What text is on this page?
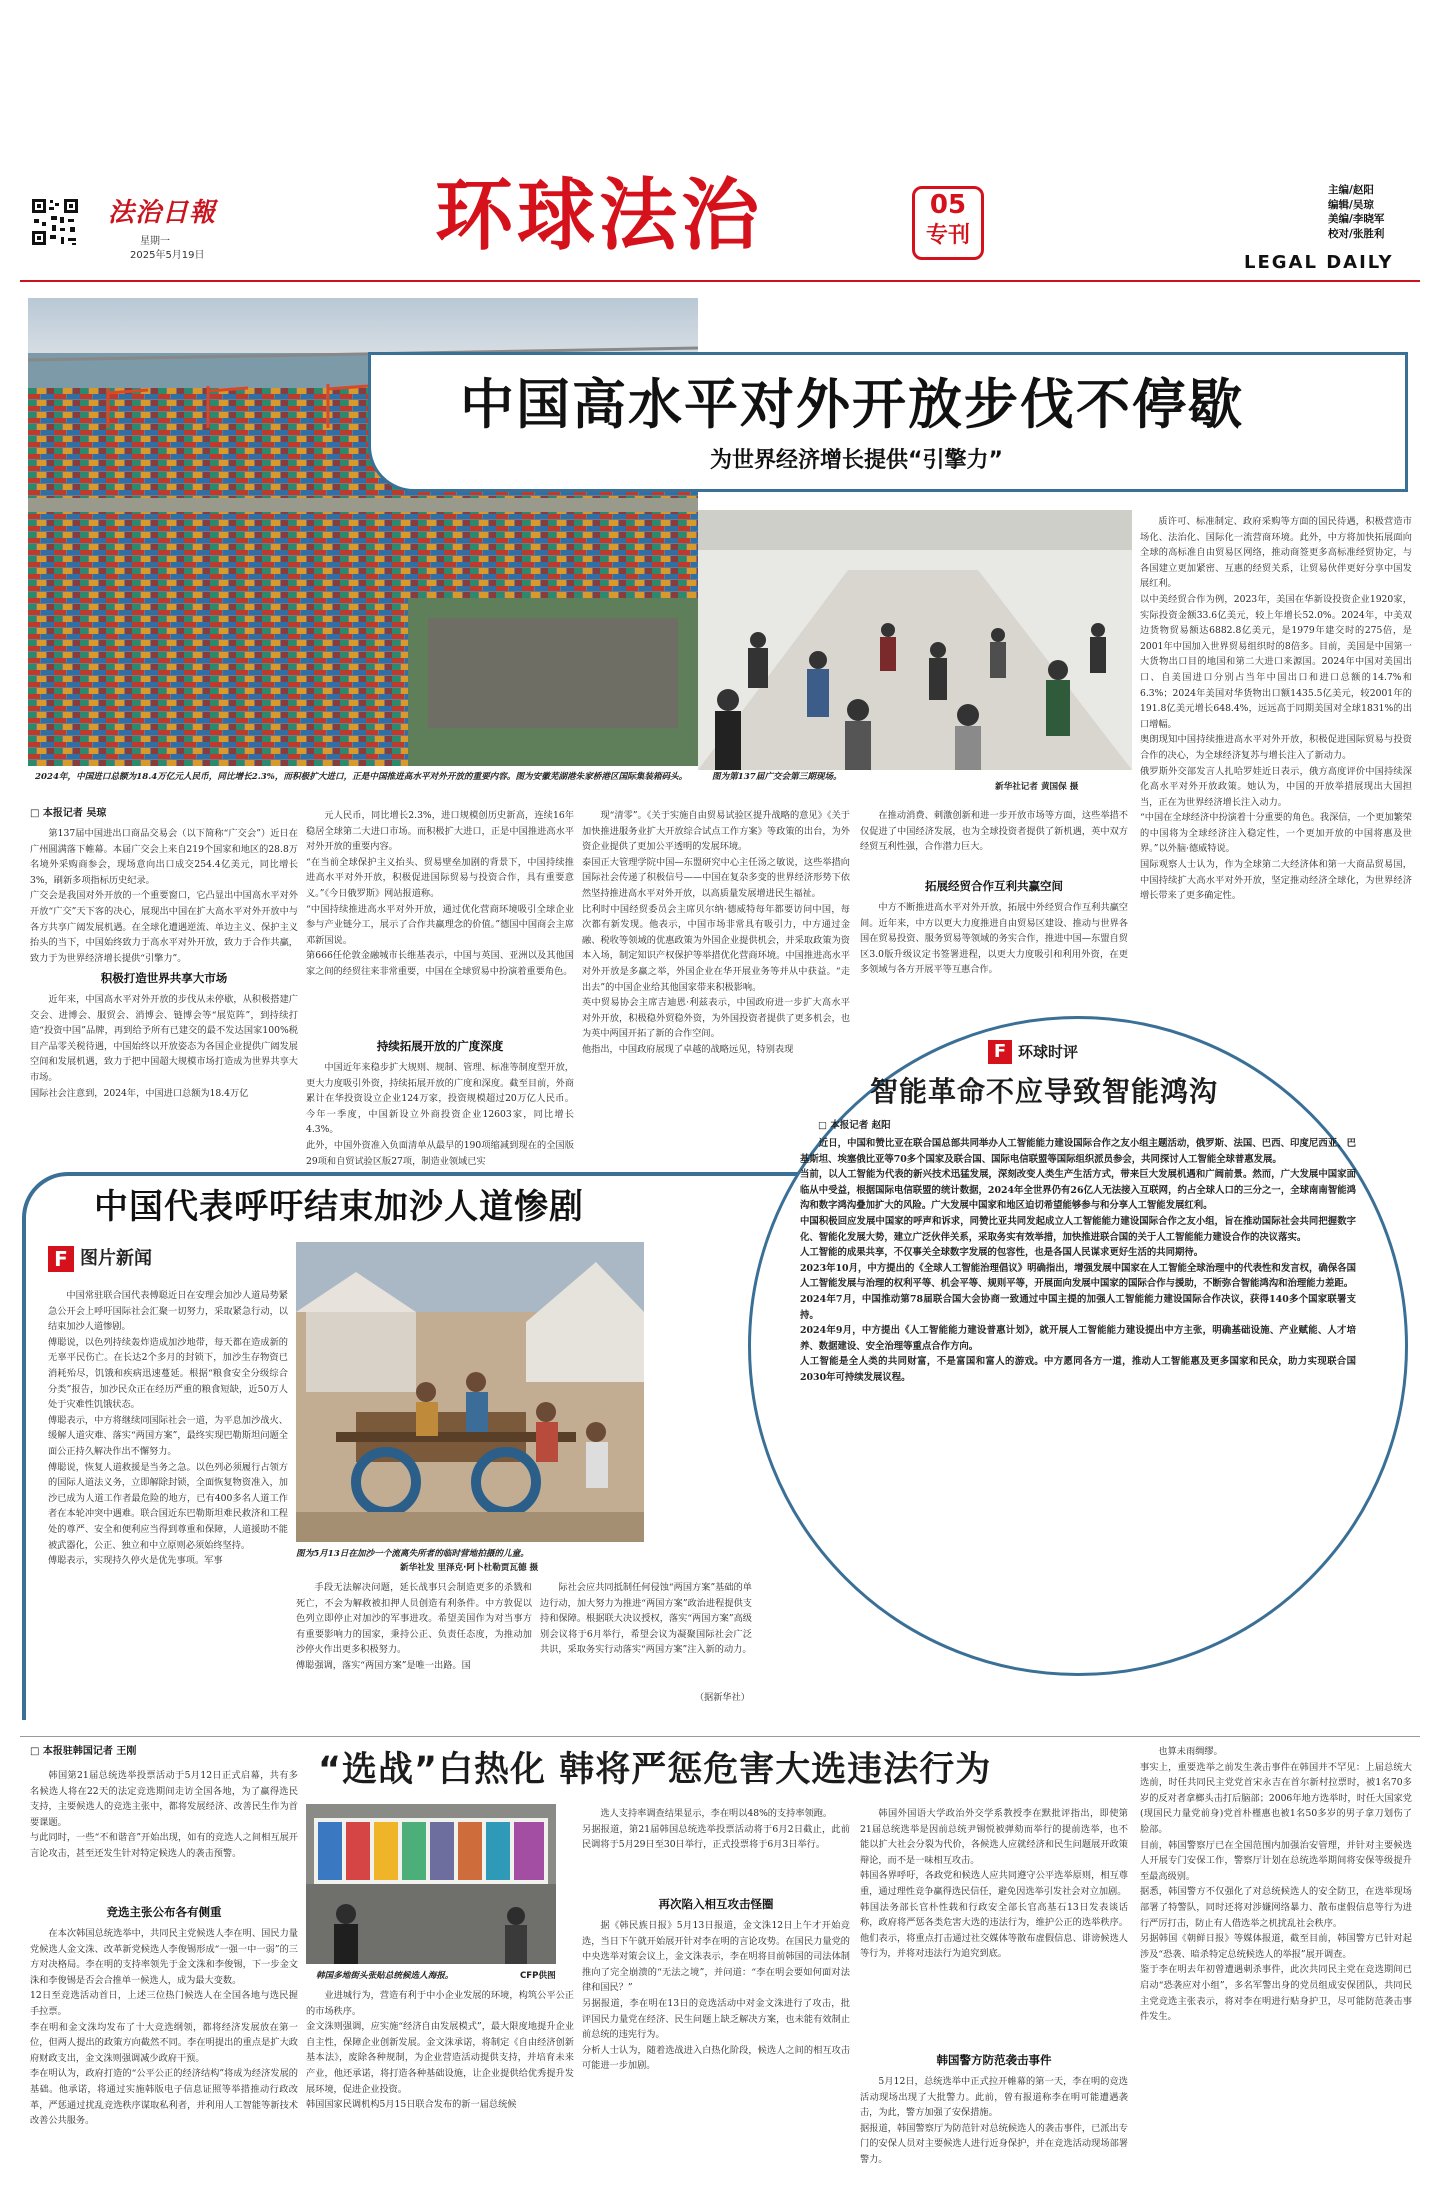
法治日報
星期一
2025年5月19日	环球法治	05
专刊
主编/赵阳
编辑/吴琼
美编/李晓军
校对/张胜利
LEGAL DAILY
2024年，中国进口总额为18.4万亿元人民币，同比增长2.3%，而积极扩大进口，正是中国推进高水平对外开放的重要内容。图为安徽芜湖港朱家桥港区国际集装箱码头。
中国高水平对外开放步伐不停歇
为世界经济增长提供“引擎力”
图为第137届广交会第三期现场。
新华社记者 黄国保 摄
□ 本报记者 吴琼

第137届中国进出口商品交易会（以下简称“广交会”）近日在广州圆满落下帷幕。本届广交会上来自219个国家和地区的28.8万名境外采购商参会，现场意向出口成交254.4亿美元，同比增长3%，刷新多项指标历史纪录。
广交会是我国对外开放的一个重要窗口，它凸显出中国高水平对外开放“广交”天下客的决心，展现出中国在扩大高水平对外开放中与各方共享广阔发展机遇。在全球化遭遇逆流、单边主义、保护主义抬头的当下，中国始终致力于高水平对外开放，致力于合作共赢，致力于为世界经济增长提供“引擎力”。

积极打造世界共享大市场

近年来，中国高水平对外开放的步伐从未停歇，从积极搭建广交会、进博会、服贸会、消博会、链博会等“展览阵”，到持续打造“投资中国”品牌，再到给予所有已建交的最不发达国家100%税目产品零关税待遇，中国始终以开放姿态为各国企业提供广阔发展空间和发展机遇，致力于把中国超大规模市场打造成为世界共享大市场。
国际社会注意到，2024年，中国进口总额为18.4万亿

元人民币，同比增长2.3%，进口规模创历史新高，连续16年稳居全球第二大进口市场。而积极扩大进口，正是中国推进高水平对外开放的重要内容。
“在当前全球保护主义抬头、贸易壁垒加剧的背景下，中国持续推进高水平对外开放，积极促进国际贸易与投资合作，具有重要意义。”《今日俄罗斯》网站报道称。
“中国持续推进高水平对外开放，通过优化营商环境吸引全球企业参与产业链分工，展示了合作共赢理念的价值。”德国中国商会主席邓新国说。
第666任伦敦金融城市长维基表示，中国与英国、亚洲以及其他国家之间的经贸往来非常重要，中国在全球贸易中扮演着重要角色。

持续拓展开放的广度深度

中国近年来稳步扩大规则、规制、管理、标准等制度型开放，更大力度吸引外资，持续拓展开放的广度和深度。截至目前，外商累计在华投资设立企业124万家，投资规模超过20万亿人民币。今年一季度，中国新设立外商投资企业12603家，同比增长4.3%。
此外，中国外资准入负面清单从最早的190项缩减到现在的全国版29项和自贸试验区版27项，制造业领域已实

现“清零”。《关于实施自由贸易试验区提升战略的意见》《关于加快推进服务业扩大开放综合试点工作方案》等政策的出台，为外资企业提供了更加公平透明的发展环境。
泰国正大管理学院中国—东盟研究中心主任汤之敏说，这些举措向国际社会传递了积极信号——中国在复杂多变的世界经济形势下依然坚持推进高水平对外开放，以高质量发展增进民生福祉。
比利时中国经贸委员会主席贝尔纳·德威特每年都要访问中国，每次都有新发现。他表示，中国市场非常具有吸引力，中方通过金融、税收等领域的优惠政策为外国企业提供机会，并采取政策为资本入场，制定知识产权保护等举措优化营商环境。中国推进高水平对外开放是多赢之举，外国企业在华开展业务等并从中获益。“走出去”的中国企业给其他国家带来积极影响。
英中贸易协会主席吉迪恩·利兹表示，中国政府进一步扩大高水平对外开放，积极稳外贸稳外资，为外国投资者提供了更多机会，也为英中两国开拓了新的合作空间。
他指出，中国政府展现了卓越的战略远见，特别表现

在推动消费、刺激创新和进一步开放市场等方面，这些举措不仅促进了中国经济发展，也为全球投资者提供了新机遇，英中双方经贸互利性强，合作潜力巨大。

拓展经贸合作互利共赢空间

中方不断推进高水平对外开放，拓展中外经贸合作互利共赢空间。近年来，中方以更大力度推进自由贸易区建设、推动与世界各国在贸易投资、服务贸易等领域的务实合作，推进中国—东盟自贸区3.0版升级议定书签署进程，以更大力度吸引和利用外资，在更多领域与各方开展平等互惠合作。

质许可、标准制定、政府采购等方面的国民待遇，积极营造市场化、法治化、国际化一流营商环境。此外，中方将加快拓展面向全球的高标准自由贸易区网络，推动商签更多高标准经贸协定，与各国建立更加紧密、互惠的经贸关系，让贸易伙伴更好分享中国发展红利。
以中美经贸合作为例，2023年，美国在华新设投资企业1920家，实际投资金额33.6亿美元，较上年增长52.0%。2024年，中美双边货物贸易额达6882.8亿美元，是1979年建交时的275倍，是2001年中国加入世界贸易组织时的8倍多。目前，美国是中国第一大货物出口目的地国和第二大进口来源国。2024年中国对美国出口、自美国进口分别占当年中国出口和进口总额的14.7%和6.3%；2024年美国对华货物出口额1435.5亿美元，较2001年的191.8亿美元增长648.4%，远远高于同期美国对全球1831%的出口增幅。
奥朗现知中国持续推进高水平对外开放，积极促进国际贸易与投资合作的决心，为全球经济复苏与增长注入了新动力。
俄罗斯外交部发言人扎哈罗娃近日表示，俄方高度评价中国持续深化高水平对外开放政策。她认为，中国的开放举措展现出大国担当，正在为世界经济增长注入动力。
“中国在全球经济中扮演着十分重要的角色。我深信，一个更加繁荣的中国将为全球经济注入稳定性，一个更加开放的中国将惠及世界。”以外脑·德威特说。
国际观察人士认为，作为全球第二大经济体和第一大商品贸易国，中国持续扩大高水平对外开放，坚定推动经济全球化，为世界经济增长带来了更多确定性。

中国代表呼吁结束加沙人道惨剧
F 图片新闻

中国常驻联合国代表傅聪近日在安理会加沙人道局势紧急公开会上呼吁国际社会汇聚一切努力，采取紧急行动，以结束加沙人道惨剧。
傅聪说，以色列持续轰炸造成加沙地带，每天都在造成新的无辜平民伤亡。在长达2个多月的封锁下，加沙生存物资已消耗殆尽，饥饿和疾病迅速蔓延。根据“粮食安全分级综合分类”报告，加沙民众正在经历严重的粮食短缺，近50万人处于灾难性饥饿状态。
傅聪表示，中方将继续同国际社会一道，为平息加沙战火、缓解人道灾难、落实“两国方案”，最终实现巴勒斯坦问题全面公正持久解决作出不懈努力。
傅聪说，恢复人道救援是当务之急。以色列必须履行占领方的国际人道法义务，立即解除封锁，全面恢复物资准入，加沙已成为人道工作者最危险的地方，已有400多名人道工作者在本轮冲突中遇难。联合国近东巴勒斯坦难民救济和工程处的尊严、安全和便利应当得到尊重和保障，人道援助不能被武器化，公正、独立和中立原则必须始终坚持。
傅聪表示，实现持久停火是优先事项。军事

图为5月13日在加沙一个流离失所者的临时营地拍摄的儿童。
新华社发 里泽克·阿卜杜勒贾瓦德 摄

手段无法解决问题，延长战事只会制造更多的杀戮和死亡，不会为解救被扣押人员创造有利条件。中方敦促以色列立即停止对加沙的军事进攻。希望美国作为对当事方有重要影响力的国家，秉持公正、负责任态度，为推动加沙停火作出更多积极努力。
傅聪强调，落实“两国方案”是唯一出路。国

际社会应共同抵制任何侵蚀“两国方案”基础的单边行动，加大努力为推进“两国方案”政治进程提供支持和保障。根据联大决议授权，落实“两国方案”高级别会议将于6月举行，希望会议为凝聚国际社会广泛共识，采取务实行动落实“两国方案”注入新的动力。

（据新华社）
F 环球时评
智能革命不应导致智能鸿沟
□ 本报记者 赵阳
近日，中国和赞比亚在联合国总部共同举办人工智能能力建设国际合作之友小组主题活动，俄罗斯、法国、巴西、印度尼西亚、巴基斯坦、埃塞俄比亚等70多个国家及联合国、国际电信联盟等国际组织派员参会，共同探讨人工智能全球普惠发展。
当前，以人工智能为代表的新兴技术迅猛发展，深刻改变人类生产生活方式，带来巨大发展机遇和广阔前景。然而，广大发展中国家面临从中受益，根据国际电信联盟的统计数据，2024年全世界仍有26亿人无法接入互联网，约占全球人口的三分之一，全球南南智能鸿沟和数字鸿沟叠加扩大的风险。广大发展中国家和地区迫切希望能够参与和分享人工智能发展红利。
中国积极回应发展中国家的呼声和诉求，同赞比亚共同发起成立人工智能能力建设国际合作之友小组，旨在推动国际社会共同把握数字化、智能化发展大势，建立广泛伙伴关系，采取务实有效举措，加快推进联合国的关于人工智能能力建设合作的决议落实。
人工智能的成果共享，不仅事关全球数字发展的包容性，也是各国人民谋求更好生活的共同期待。
2023年10月，中方提出的《全球人工智能治理倡议》明确指出，增强发展中国家在人工智能全球治理中的代表性和发言权，确保各国人工智能发展与治理的权利平等、机会平等、规则平等，开展面向发展中国家的国际合作与援助，不断弥合智能鸿沟和治理能力差距。
2024年7月，中国推动第78届联合国大会协商一致通过中国主提的加强人工智能能力建设国际合作决议，获得140多个国家联署支持。
2024年9月，中方提出《人工智能能力建设普惠计划》，就开展人工智能能力建设提出中方主张，明确基础设施、产业赋能、人才培养、数据建设、安全治理等重点合作方向。
人工智能是全人类的共同财富，不是富国和富人的游戏。中方愿同各方一道，推动人工智能惠及更多国家和民众，助力实现联合国2030年可持续发展议程。
□ 本报驻韩国记者 王刚	“选战”白热化 韩将严惩危害大选违法行为

韩国第21届总统选举投票活动于5月12日正式启幕，共有多名候选人将在22天的法定竞选期间走访全国各地，为了赢得选民支持，主要候选人的竞选主张中，都将发展经济、改善民生作为首要课题。
与此同时，一些“不和谐音”开始出现，如有的竞选人之间相互展开言论攻击，甚至还发生针对特定候选人的袭击预警。

竞选主张公布各有侧重

在本次韩国总统选举中，共同民主党候选人李在明、国民力量党候选人金文洙、改革新党候选人李俊锡形成“一强一中一弱”的三方对决格局。李在明的支持率领先于金文洙和李俊锡，下一步金文洙和李俊锡是否会合推单一候选人，成为最大变数。
12日至竞选活动首日，上述三位热门候选人在全国各地与选民握手拉票。
李在明和金文洙均发布了十大竞选纲领，都将经济发展放在第一位，但两人提出的政策方向截然不同。李在明提出的重点是扩大政府财政支出，金文洙则强调减少政府干预。
李在明认为，政府打造的“公平公正的经济结构”将成为经济发展的基础。他承诺，将通过实施韩版电子信息证照等举措推动行政改革，严惩通过扰乱竞选秩序谋取私利者，并利用人工智能等新技术改善公共服务。

韩国多地街头张贴总统候选人海报。	CFP供图

业进城行为，营造有利于中小企业发展的环境，构筑公平公正的市场秩序。
金文洙则强调，应实施“经济自由发展模式”，最大限度地提升企业自主性，保障企业创新发展。金文洙承诺，将制定《自由经济创新基本法》，废除各种规制，为企业营造活动提供支持，并培育未来产业，他还承诺，将打造各种基础设施，让企业提供给优秀提升发展环境，促进企业投资。
韩国国家民调机构5月15日联合发布的新一届总统候

选人支持率调查结果显示，李在明以48%的支持率领跑。
另据报道，第21届韩国总统选举投票活动将于6月2日截止，此前民调将于5月29日至30日举行，正式投票将于6月3日举行。

再次陷入相互攻击怪圈

据《韩民族日报》5月13日报道，金文洙12日上午才开始竞选，当日下午就开始展开针对李在明的言论攻势。在国民力量党的中央选举对策会议上，金文洙表示，李在明将目前韩国的司法体制推向了完全崩溃的“无法之境”，并问道：“李在明会要如何面对法律和国民？”
另据报道，李在明在13日的竞选活动中对金文洙进行了攻击，批评国民力量党在经济、民生问题上缺乏解决方案，也未能有效制止前总统的违宪行为。
分析人士认为，随着选战进入白热化阶段，候选人之间的相互攻击可能进一步加剧。

韩国外国语大学政治外交学系教授李在默批评指出，即使第21届总统选举是因前总统尹锡悦被弹劾而举行的提前选举，也不能以扩大社会分裂为代价，各候选人应就经济和民生问题展开政策辩论，而不是一味相互攻击。
韩国各界呼吁，各政党和候选人应共同遵守公平选举原则，相互尊重，通过理性竞争赢得选民信任，避免因选举引发社会对立加剧。
韩国法务部长官朴性载和行政安全部长官高基石13日发表谈话称，政府将严惩各类危害大选的违法行为，维护公正的选举秩序。他们表示，将重点打击通过社交媒体等散布虚假信息、诽谤候选人等行为，并将对违法行为追究到底。

韩国警方防范袭击事件

5月12日，总统选举中正式拉开帷幕的第一天，李在明的竞选活动现场出现了大批警力。此前，曾有报道称李在明可能遭遇袭击，为此，警方加强了安保措施。
据报道，韩国警察厅为防范针对总统候选人的袭击事件，已派出专门的安保人员对主要候选人进行近身保护，并在竞选活动现场部署警力。

也算未雨绸缪。
事实上，重要选举之前发生袭击事件在韩国并不罕见：上届总统大选前，时任共同民主党党首宋永吉在首尔新村拉票时，被1名70多岁的反对者拿榔头击打后脑部；2006年地方选举时，时任大国家党(现国民力量党前身)党首朴槿惠也被1名50多岁的男子拿刀划伤了脸部。
目前，韩国警察厅已在全国范围内加强治安管理，并针对主要候选人开展专门安保工作，警察厅计划在总统选举期间将安保等级提升至最高级别。
据悉，韩国警方不仅强化了对总统候选人的安全防卫，在选举现场部署了特警队，同时还将对涉嫌网络暴力、散布虚假信息等行为进行严厉打击，防止有人借选举之机扰乱社会秩序。
另据韩国《朝鲜日报》等媒体报道，截至目前，韩国警方已针对起涉及“恐袭、暗杀特定总统候选人的举报”展开调查。
鉴于李在明去年初曾遭遇刺杀事件，此次共同民主党在竞选期间已启动“恐袭应对小组”，多名军警出身的党员组成安保团队，共同民主党竞选主张表示，将对李在明进行贴身护卫，尽可能防范袭击事件发生。
